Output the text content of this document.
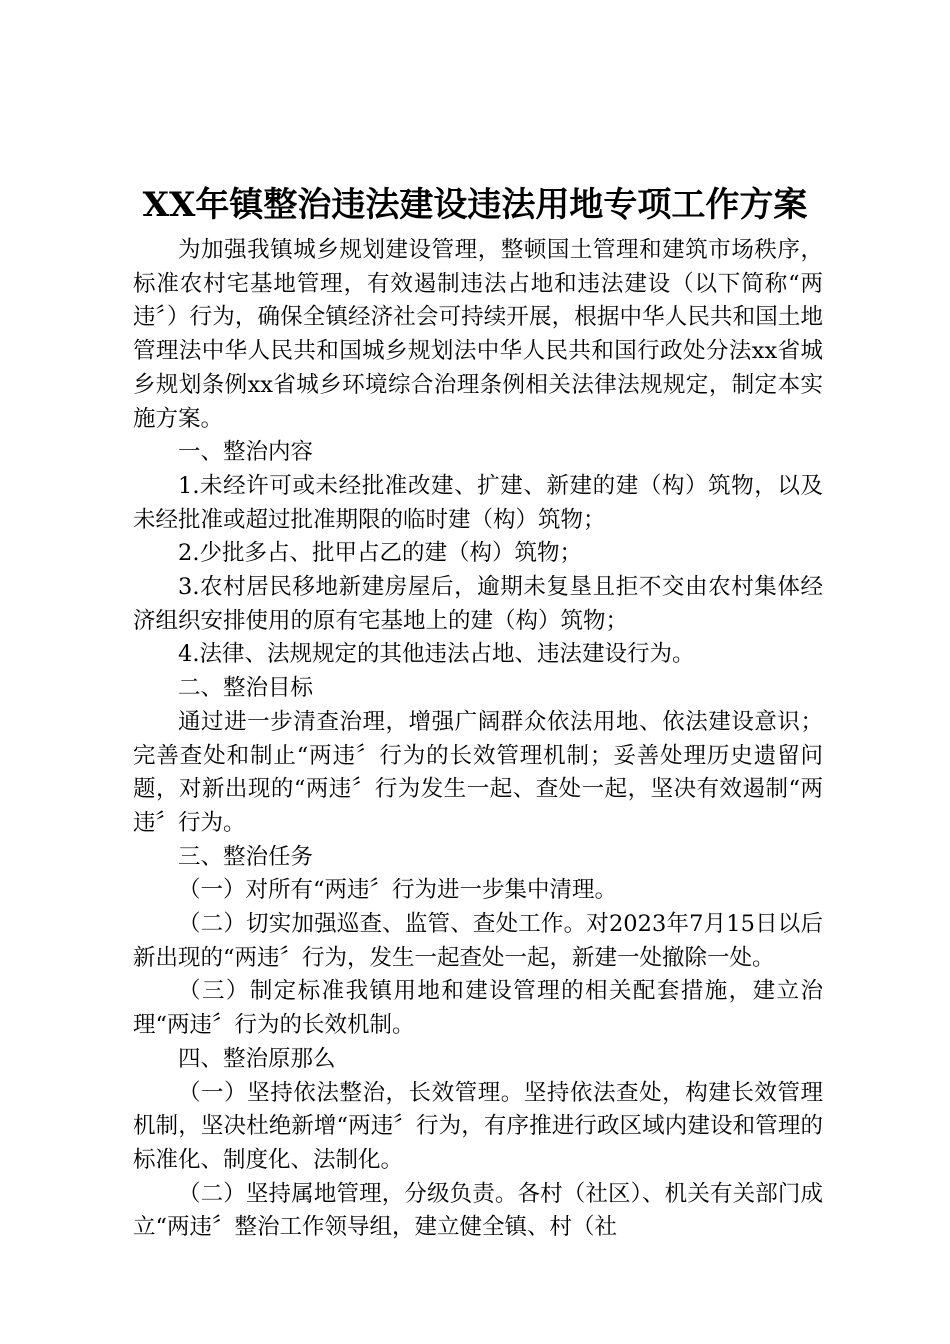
XX年镇整治违法建设违法用地专项工作方案

为加强我镇城乡规划建设管理，整顿国土管理和建筑市场秩序，标准农村宅基地管理，有效遏制违法占地和违法建设（以下简称“两违〞）行为，确保全镇经济社会可持续开展，根据中华人民共和国土地管理法中华人民共和国城乡规划法中华人民共和国行政处分法xx省城乡规划条例xx省城乡环境综合治理条例相关法律法规规定，制定本实施方案。

一、整治内容

1.未经许可或未经批准改建、扩建、新建的建（构）筑物，以及未经批准或超过批准期限的临时建（构）筑物；

2.少批多占、批甲占乙的建（构）筑物；

3.农村居民移地新建房屋后，逾期未复垦且拒不交由农村集体经济组织安排使用的原有宅基地上的建（构）筑物；

4.法律、法规规定的其他违法占地、违法建设行为。

二、整治目标

通过进一步清查治理，增强广阔群众依法用地、依法建设意识；完善查处和制止“两违〞行为的长效管理机制；妥善处理历史遗留问题，对新出现的“两违〞行为发生一起、查处一起，坚决有效遏制“两违〞行为。

三、整治任务

（一）对所有“两违〞行为进一步集中清理。

（二）切实加强巡查、监管、查处工作。对2023年7月15日以后新出现的“两违〞行为，发生一起查处一起，新建一处撤除一处。

（三）制定标准我镇用地和建设管理的相关配套措施，建立治理“两违〞行为的长效机制。

四、整治原那么

（一）坚持依法整治，长效管理。坚持依法查处，构建长效管理机制，坚决杜绝新增“两违〞行为，有序推进行政区域内建设和管理的标准化、制度化、法制化。

（二）坚持属地管理，分级负责。各村（社区）、机关有关部门成立“两违〞整治工作领导组，建立健全镇、村（社
